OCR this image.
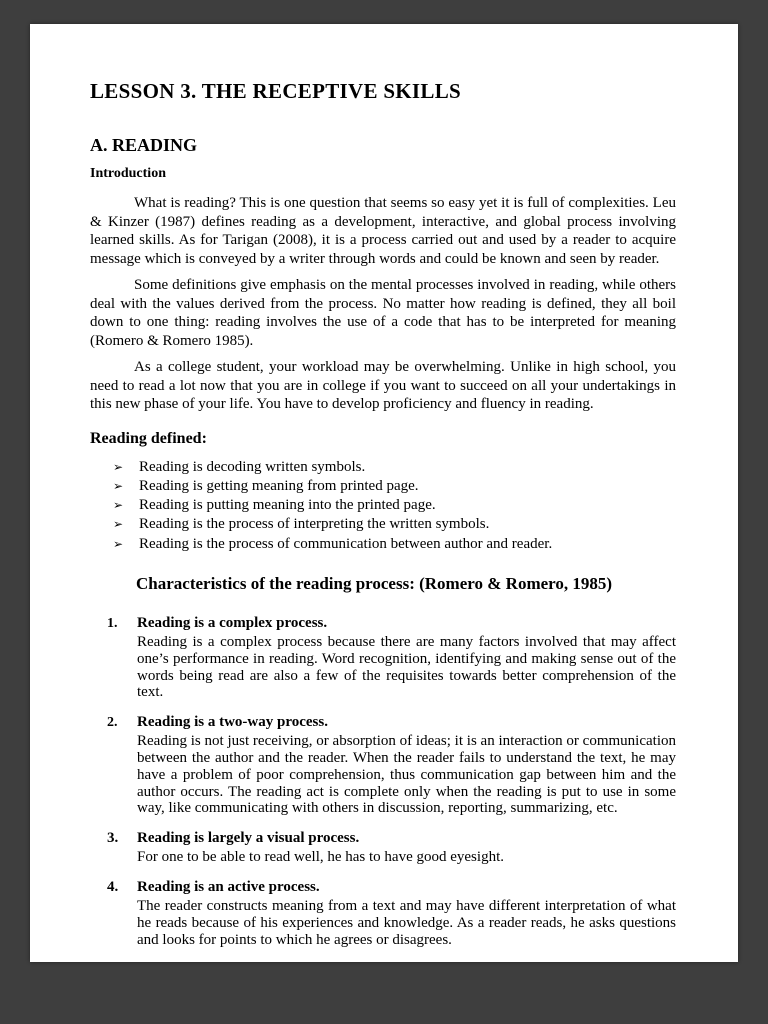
LESSON 3. THE RECEPTIVE SKILLS
A. READING
Introduction

What is reading? This is one question that seems so easy yet it is full of complexities. Leu & Kinzer (1987) defines reading as a development, interactive, and global process involving learned skills. As for Tarigan (2008), it is a process carried out and used by a reader to acquire message which is conveyed by a writer through words and could be known and seen by reader.

Some definitions give emphasis on the mental processes involved in reading, while others deal with the values derived from the process. No matter how reading is defined, they all boil down to one thing: reading involves the use of a code that has to be interpreted for meaning (Romero & Romero 1985).

As a college student, your workload may be overwhelming. Unlike in high school, you need to read a lot now that you are in college if you want to succeed on all your undertakings in this new phase of your life. You have to develop proficiency and fluency in reading.

Reading defined:
➢	Reading is decoding written symbols.
➢	Reading is getting meaning from printed page.
➢	Reading is putting meaning into the printed page.
➢	Reading is the process of interpreting the written symbols.
➢	Reading is the process of communication between author and reader.
Characteristics of the reading process: (Romero & Romero, 1985)
1.	Reading is a complex process.
Reading is a complex process because there are many factors involved that may affect one’s performance in reading. Word recognition, identifying and making sense out of the words being read are also a few of the requisites towards better comprehension of the text.
2.	Reading is a two-way process.
Reading is not just receiving, or absorption of ideas; it is an interaction or communication between the author and the reader. When the reader fails to understand the text, he may have a problem of poor comprehension, thus communication gap between him and the author occurs. The reading act is complete only when the reading is put to use in some way, like communicating with others in discussion, reporting, summarizing, etc.
3.	Reading is largely a visual process.
For one to be able to read well, he has to have good eyesight.
4.	Reading is an active process.
The reader constructs meaning from a text and may have different interpretation of what he reads because of his experiences and knowledge. As a reader reads, he asks questions and looks for points to which he agrees or disagrees.
